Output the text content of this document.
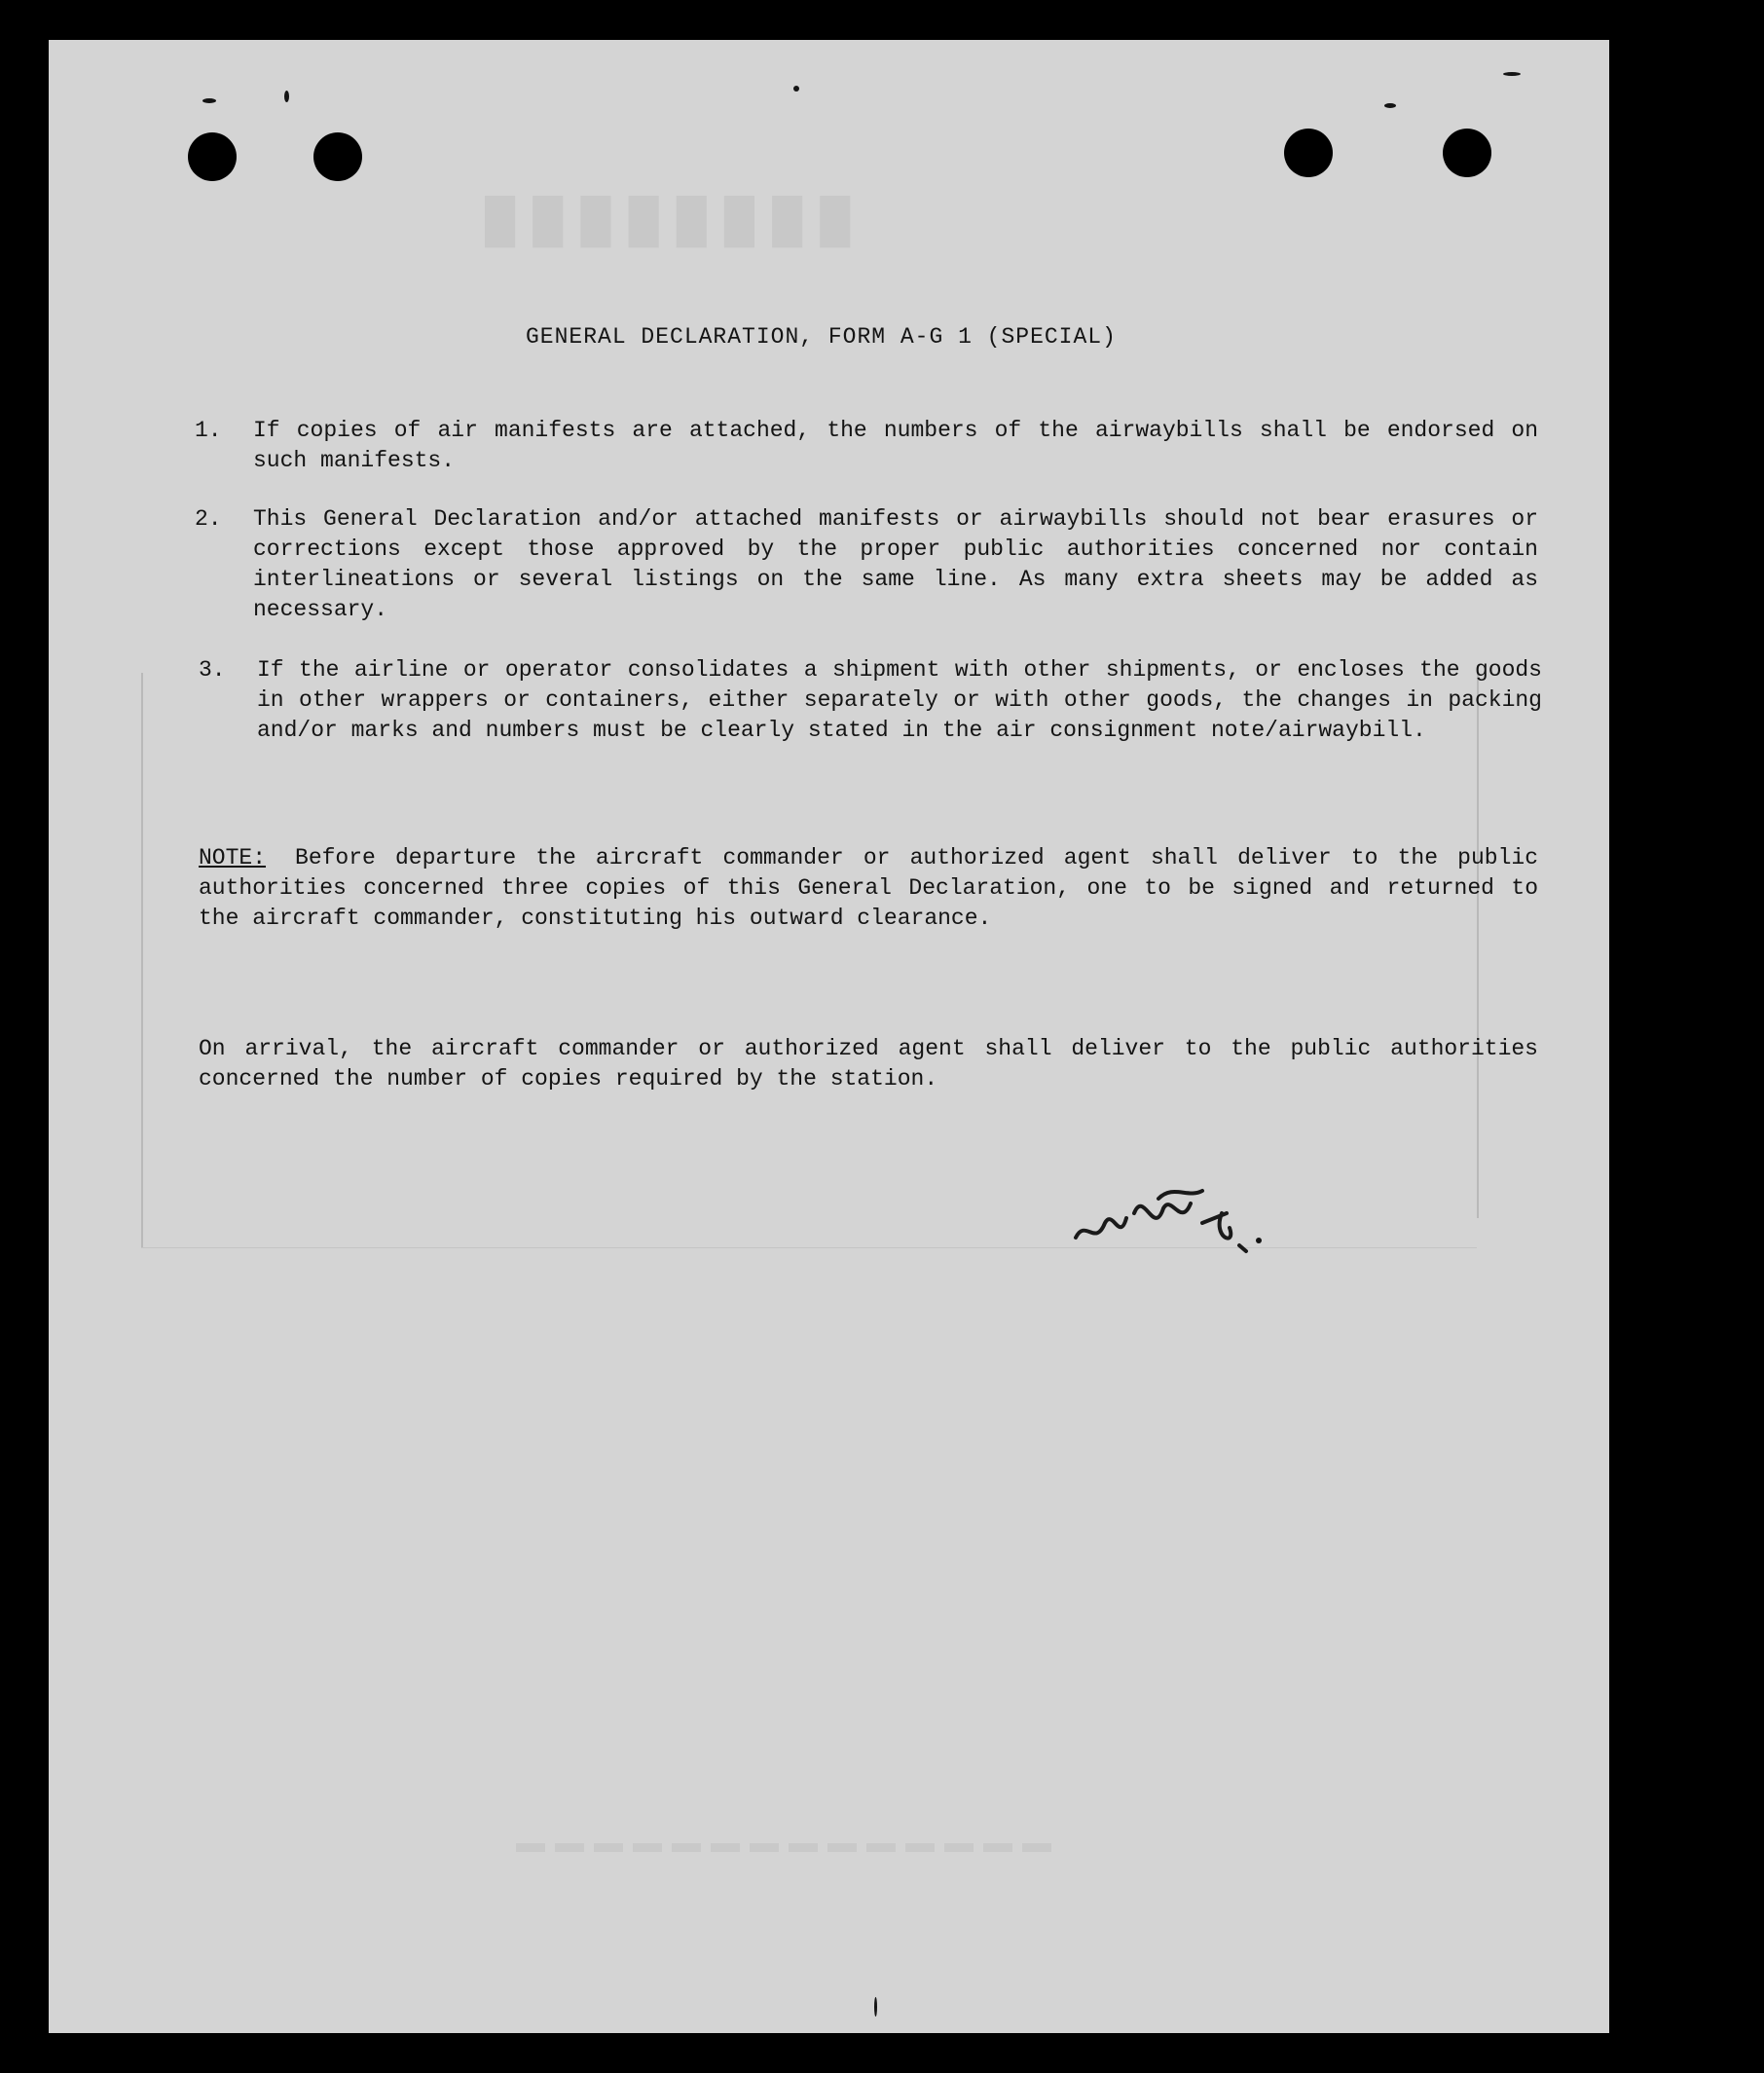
████████
▬▬▬▬▬▬▬▬▬▬▬▬▬▬
GENERAL DECLARATION, FORM A-G 1 (SPECIAL)
1. If copies of air manifests are attached, the numbers of the airwaybills shall be endorsed on such manifests.
2. This General Declaration and/or attached manifests or airwaybills should not bear erasures or corrections except those approved by the proper public authorities concerned nor contain interlineations or several listings on the same line. As many extra sheets may be added as necessary.
3. If the airline or operator consolidates a shipment with other shipments, or encloses the goods in other wrappers or containers, either separately or with other goods, the changes in packing and/or marks and numbers must be clearly stated in the air consignment note/airwaybill.
NOTE: Before departure the aircraft commander or authorized agent shall deliver to the public authorities concerned three copies of this General Declaration, one to be signed and returned to the aircraft commander, constituting his outward clearance.
On arrival, the aircraft commander or authorized agent shall deliver to the public authorities concerned the number of copies required by the station.
